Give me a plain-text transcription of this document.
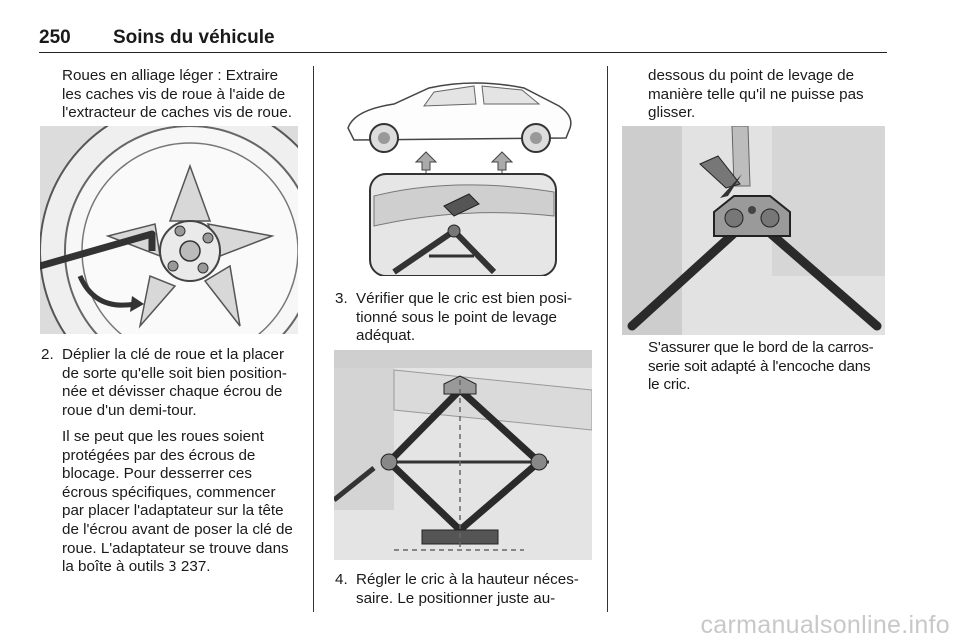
250 Soins du véhicule

Roues en alliage léger : Extraire

les caches vis de roue à l'aide de

l'extracteur de caches vis de roue.

2. Déplier la clé de roue et la placer
de sorte qu'elle soit bien position-
née et dévisser chaque écrou de
roue d'un demi-tour.

Il se peut que les roues soient

protégées par des écrous de

blocage. Pour desserrer ces

écrous spécifiques, commencer

par placer l'adaptateur sur la tête

de l'écrou avant de poser la clé de

roue. L'adaptateur se trouve dans

la boîte à outils 3 237.

3. Vérifier que le cric est bien posi-
tionné sous le point de levage
adéquat.
4. Régler le cric à la hauteur néces-
saire. Le positionner juste au-

dessous du point de levage de

manière telle qu'il ne puisse pas

glisser.

S'assurer que le bord de la carros-

serie soit adapté à l'encoche dans

le cric.

carmanualsonline.info
